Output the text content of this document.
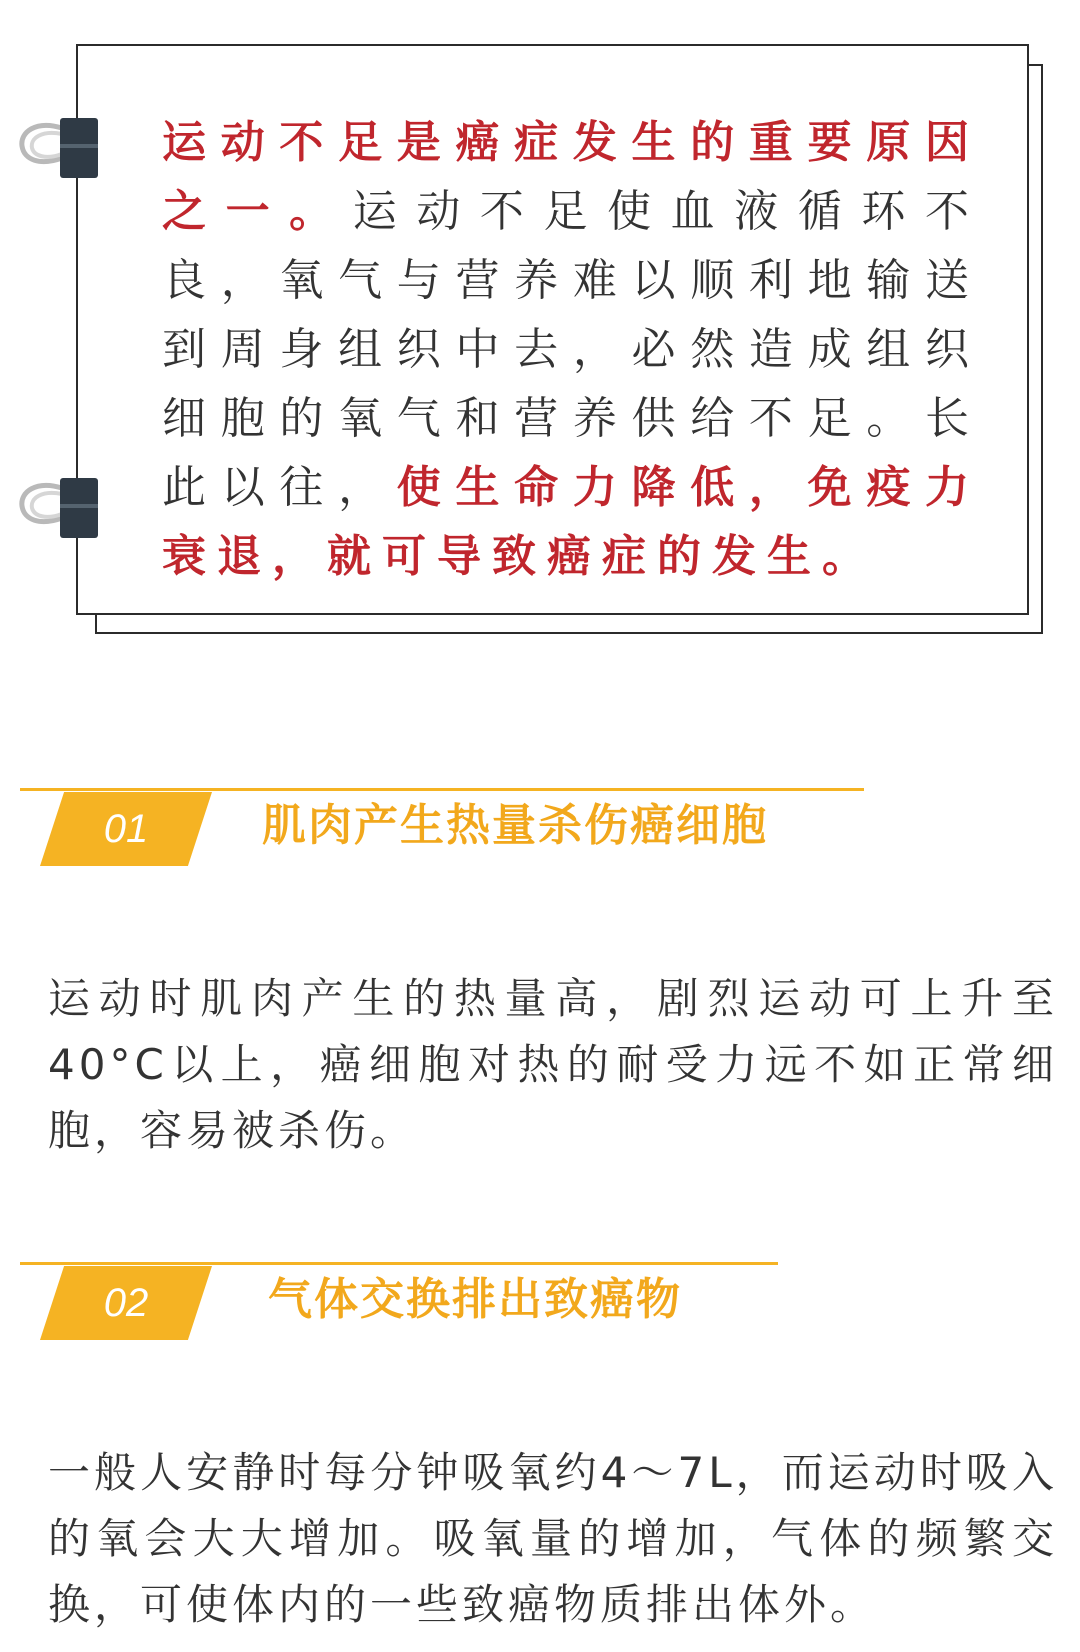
运动不足是癌症发生的重要原因之一。运动不足使血液循环不良，氧气与营养难以顺利地输送到周身组织中去，必然造成组织细胞的氧气和营养供给不足。长此以往，使生命力降低，免疫力衰退，就可导致癌症的发生。

01	肌肉产生热量杀伤癌细胞

运动时肌肉产生的热量高，剧烈运动可上升至40°C以上，癌细胞对热的耐受力远不如正常细胞，容易被杀伤。

02	气体交换排出致癌物

一般人安静时每分钟吸氧约4～7L，而运动时吸入的氧会大大增加。吸氧量的增加，气体的频繁交换，可使体内的一些致癌物质排出体外。
